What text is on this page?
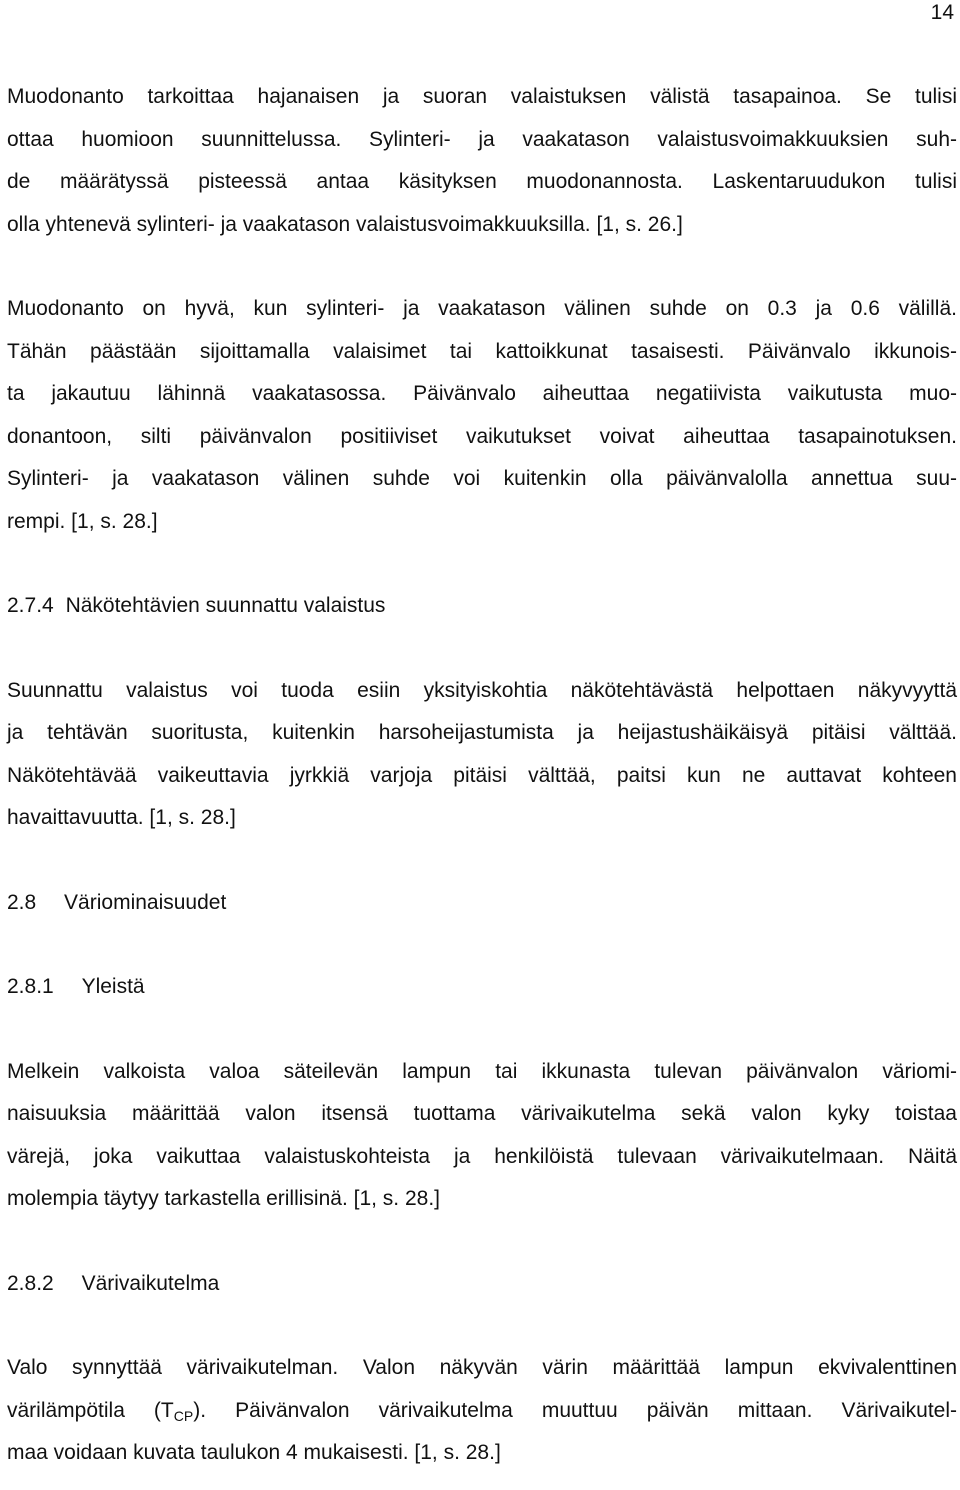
14

Muodonanto tarkoittaa hajanaisen ja suoran valaistuksen välistä tasapainoa. Se tulisi
ottaa huomioon suunnittelussa. Sylinteri- ja vaakatason valaistusvoimakkuuksien suh-
de määrätyssä pisteessä antaa käsityksen muodonannosta. Laskentaruudukon tulisi
olla yhtenevä sylinteri- ja vaakatason valaistusvoimakkuuksilla. [1, s. 26.]

Muodonanto on hyvä, kun sylinteri- ja vaakatason välinen suhde on 0.3 ja 0.6 välillä.
Tähän päästään sijoittamalla valaisimet tai kattoikkunat tasaisesti. Päivänvalo ikkunois-
ta jakautuu lähinnä vaakatasossa. Päivänvalo aiheuttaa negatiivista vaikutusta muo-
donantoon, silti päivänvalon positiiviset vaikutukset voivat aiheuttaa tasapainotuksen.
Sylinteri- ja vaakatason välinen suhde voi kuitenkin olla päivänvalolla annettua suu-
rempi. [1, s. 28.]

2.7.4 Näkötehtävien suunnattu valaistus

Suunnattu valaistus voi tuoda esiin yksityiskohtia näkötehtävästä helpottaen näkyvyyttä
ja tehtävän suoritusta, kuitenkin harsoheijastumista ja heijastushäikäisyä pitäisi välttää.
Näkötehtävää vaikeuttavia jyrkkiä varjoja pitäisi välttää, paitsi kun ne auttavat kohteen
havaittavuutta. [1, s. 28.]

2.8 Väriominaisuudet
2.8.1 Yleistä

Melkein valkoista valoa säteilevän lampun tai ikkunasta tulevan päivänvalon väriomi-
naisuuksia määrittää valon itsensä tuottama värivaikutelma sekä valon kyky toistaa
värejä, joka vaikuttaa valaistuskohteista ja henkilöistä tulevaan värivaikutelmaan. Näitä
molempia täytyy tarkastella erillisinä. [1, s. 28.]

2.8.2 Värivaikutelma

Valo synnyttää värivaikutelman. Valon näkyvän värin määrittää lampun ekvivalenttinen
värilämpötila $(T_{CP})$. Päivänvalon värivaikutelma muuttuu päivän mittaan. Värivaikutel-
maa voidaan kuvata taulukon 4 mukaisesti. [1, s. 28.]
